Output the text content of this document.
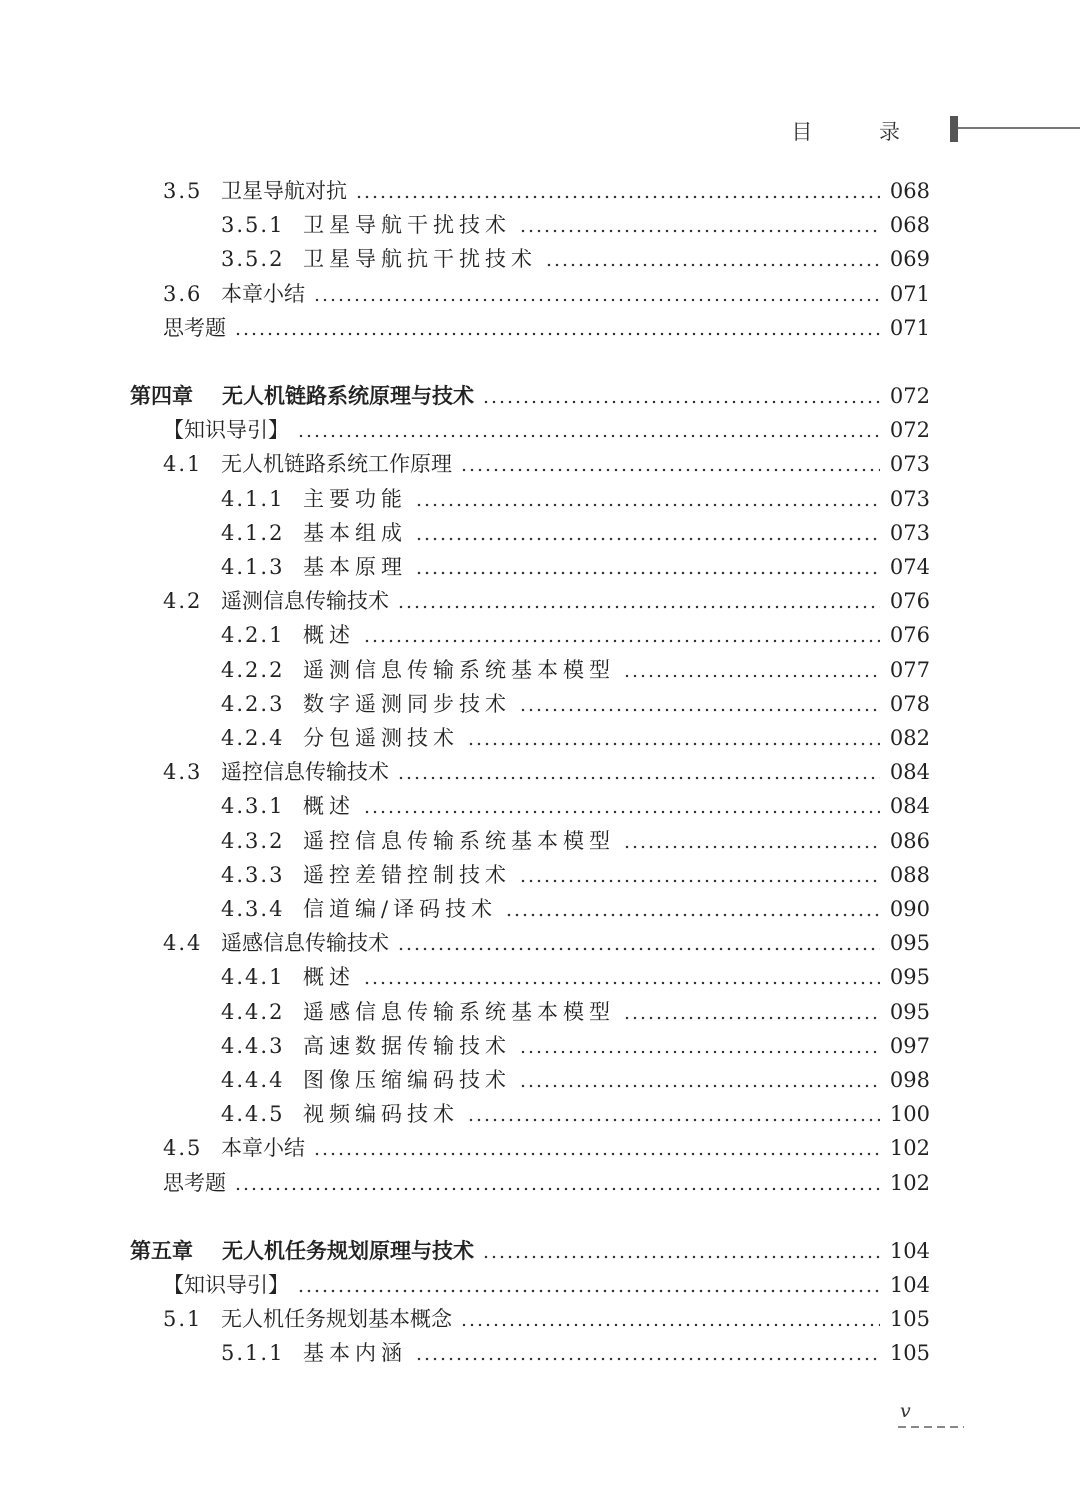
目 录
3.5 卫星导航对抗	068
3.5.1 卫星导航干扰技术	068
3.5.2 卫星导航抗干扰技术	069
3.6 本章小结	071
思考题	071
第四章	无人机链路系统原理与技术	072
【知识导引】	072
4.1 无人机链路系统工作原理	073
4.1.1 主要功能	073
4.1.2 基本组成	073
4.1.3 基本原理	074
4.2 遥测信息传输技术	076
4.2.1 概述	076
4.2.2 遥测信息传输系统基本模型	077
4.2.3 数字遥测同步技术	078
4.2.4 分包遥测技术	082
4.3 遥控信息传输技术	084
4.3.1 概述	084
4.3.2 遥控信息传输系统基本模型	086
4.3.3 遥控差错控制技术	088
4.3.4 信道编/译码技术	090
4.4 遥感信息传输技术	095
4.4.1 概述	095
4.4.2 遥感信息传输系统基本模型	095
4.4.3 高速数据传输技术	097
4.4.4 图像压缩编码技术	098
4.4.5 视频编码技术	100
4.5 本章小结	102
思考题	102
第五章	无人机任务规划原理与技术	104
【知识导引】	104
5.1 无人机任务规划基本概念	105
5.1.1 基本内涵	105
v
